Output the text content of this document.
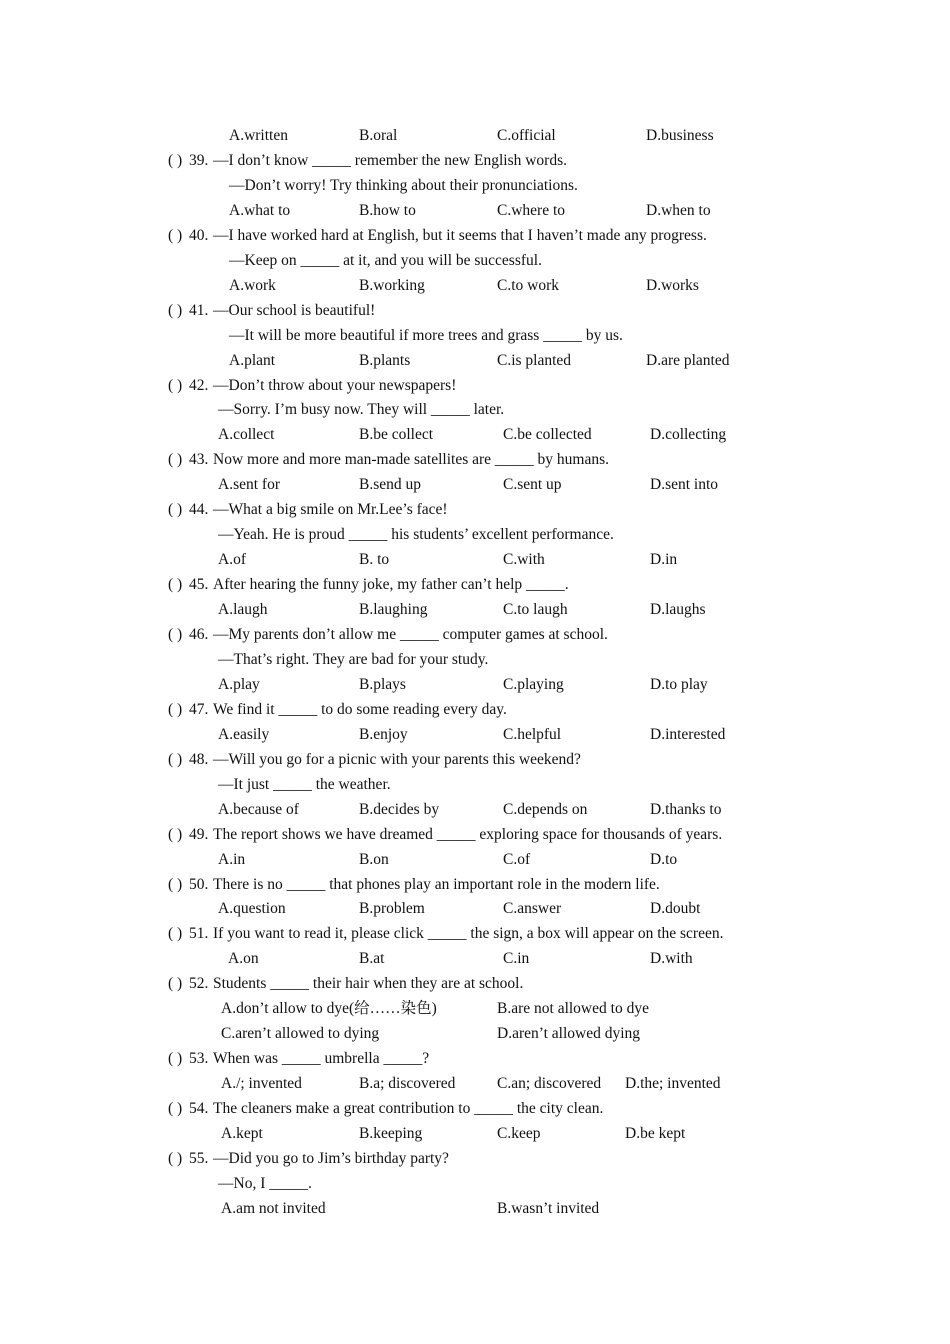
A.written	B.oral	C.official	D.business
( ) 39. —I don’t know _____ remember the new English words.
—Don’t worry! Try thinking about their pronunciations.
A.what to	B.how to	C.where to	D.when to
( ) 40. —I have worked hard at English, but it seems that I haven’t made any progress.
—Keep on _____ at it, and you will be successful.
A.work	B.working	C.to work	D.works
( ) 41. —Our school is beautiful!
—It will be more beautiful if more trees and grass _____ by us.
A.plant	B.plants	C.is planted	D.are planted
( ) 42. —Don’t throw about your newspapers!
—Sorry. I’m busy now. They will _____ later.
A.collect	B.be collect	C.be collected	D.collecting
( ) 43. Now more and more man-made satellites are _____ by humans.
A.sent for	B.send up	C.sent up	D.sent into
( ) 44. —What a big smile on Mr.Lee’s face!
—Yeah. He is proud _____ his students’ excellent performance.
A.of	B. to	C.with	D.in
( ) 45. After hearing the funny joke, my father can’t help _____.
A.laugh	B.laughing	C.to laugh	D.laughs
( ) 46. —My parents don’t allow me _____ computer games at school.
—That’s right. They are bad for your study.
A.play	B.plays	C.playing	D.to play
( ) 47. We find it _____ to do some reading every day.
A.easily	B.enjoy	C.helpful	D.interested
( ) 48. —Will you go for a picnic with your parents this weekend?
—It just _____ the weather.
A.because of	B.decides by	C.depends on	D.thanks to
( ) 49. The report shows we have dreamed _____ exploring space for thousands of years.
A.in	B.on	C.of	D.to
( ) 50. There is no _____ that phones play an important role in the modern life.
A.question	B.problem	C.answer	D.doubt
( ) 51. If you want to read it, please click _____ the sign, a box will appear on the screen.
A.on	B.at	C.in	D.with
( ) 52. Students _____ their hair when they are at school.
A.don’t allow to dye(给……染色)	B.are not allowed to dye
C.aren’t allowed to dying	D.aren’t allowed dying
( ) 53. When was _____ umbrella _____?
A./; invented	B.a; discovered	C.an; discovered D.the; invented
( ) 54. The cleaners make a great contribution to _____ the city clean.
A.kept	B.keeping	C.keep	D.be kept
( ) 55. —Did you go to Jim’s birthday party?
—No, I _____.
A.am not invited	B.wasn’t invited
